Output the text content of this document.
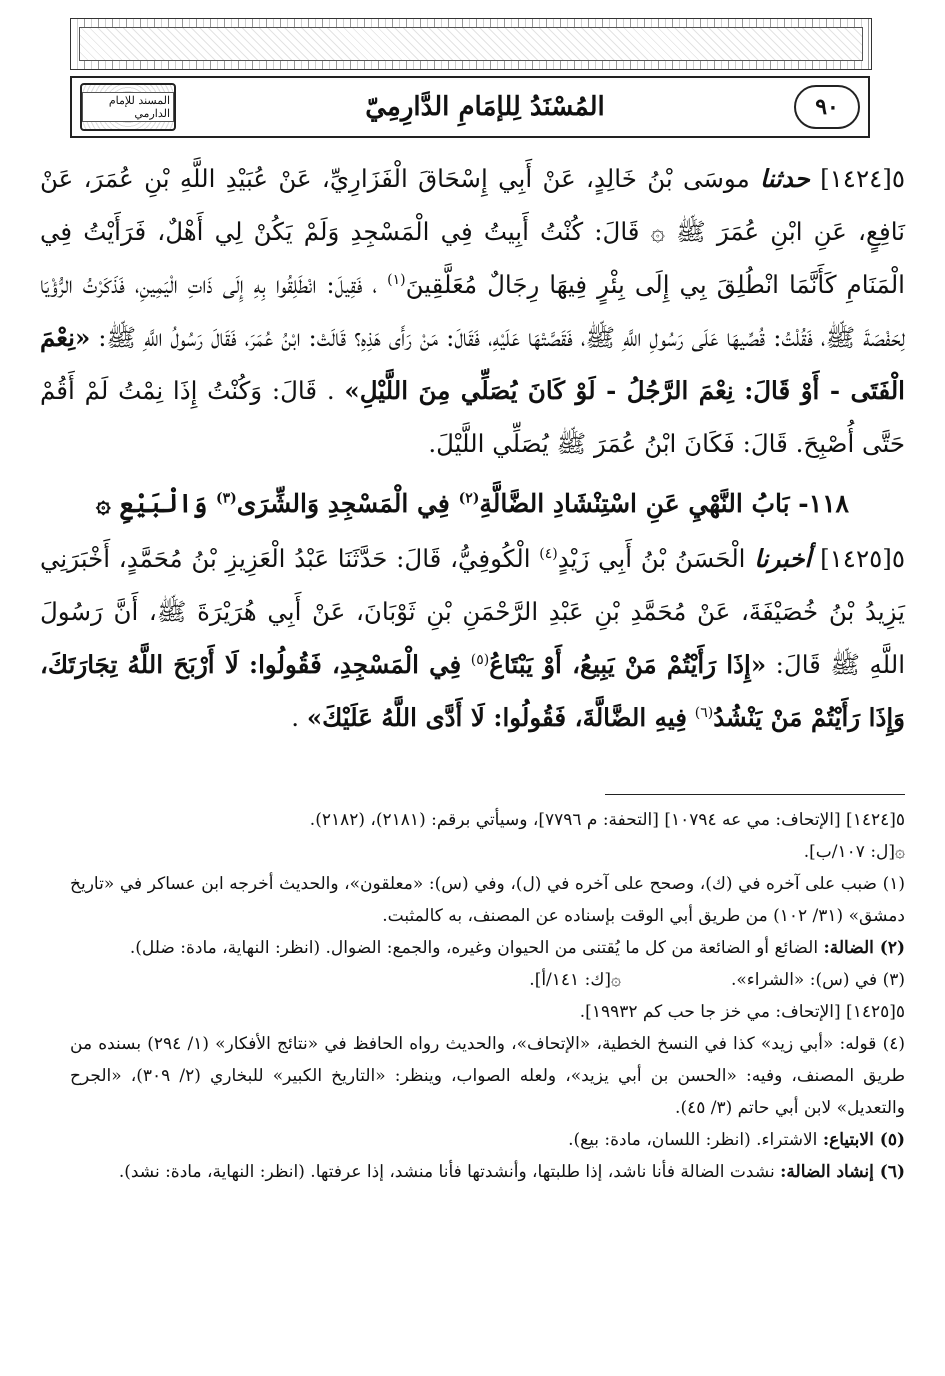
٩٠
المُسْنَدُ لِلإمَامِ الدَّارِمِيّ
المسند للإمام الدارمي

٥[١٤٢٤] حدثنا موسَى بْنُ خَالِدٍ، عَنْ أَبِي إِسْحَاقَ الْفَزَارِيِّ، عَنْ عُبَيْدِ اللَّهِ بْنِ عُمَرَ، عَنْ نَافِعٍ، عَنِ ابْنِ عُمَرَ ﷺ ۞ قَالَ: كُنْتُ أَبِيتُ فِي الْمَسْجِدِ وَلَمْ يَكُنْ لِي أَهْلٌ، فَرَأَيْتُ فِي الْمَنَامِ كَأَنَّمَا انْطُلِقَ بِي إِلَى بِئْرٍ فِيهَا رِجَالٌ مُعَلَّقِينَ$^{(١)}$ ، فَقِيلَ: انْطَلِقُوا بِهِ إِلَى ذَاتِ الْيَمِينِ، فَذَكَرْتُ الرُّؤْيَا لِحَفْصَةَ ﷺ، فَقُلْتُ: قُصِّيهَا عَلَى رَسُولِ اللَّهِ ﷺ، فَقَصَّتْهَا عَلَيْهِ، فَقَالَ: مَنْ رَأَى هَذِهِ؟ قَالَتْ: ابْنُ عُمَرَ، فَقَالَ رَسُولُ اللَّهِ ﷺ: «نِعْمَ الْفَتَى - أَوْ قَالَ: نِعْمَ الرَّجُلُ - لَوْ كَانَ يُصَلِّي مِنَ اللَّيْلِ» . قَالَ: وَكُنْتُ إِذَا نِمْتُ لَمْ أَقُمْ حَتَّى أُصْبِحَ. قَالَ: فَكَانَ ابْنُ عُمَرَ ﷺ يُصَلِّي اللَّيْلَ.

١١٨- بَابُ النَّهْيِ عَنِ اسْتِنْشَادِ الضَّالَّةِ$^{(٢)}$ فِي الْمَسْجِدِ وَالشِّرَى$^{(٣)}$ وَالْبَيْعِ ۞

٥[١٤٢٥] أخبرنا الْحَسَنُ بْنُ أَبِي زَيْدٍ$^{(٤)}$ الْكُوفِيُّ، قَالَ: حَدَّثَنَا عَبْدُ الْعَزِيزِ بْنُ مُحَمَّدٍ، أَخْبَرَنِي يَزِيدُ بْنُ خُصَيْفَةَ، عَنْ مُحَمَّدِ بْنِ عَبْدِ الرَّحْمَنِ بْنِ ثَوْبَانَ، عَنْ أَبِي هُرَيْرَةَ ﷺ، أَنَّ رَسُولَ اللَّهِ ﷺ قَالَ: «إِذَا رَأَيْتُمْ مَنْ يَبِيعُ، أَوْ يَبْتَاعُ$^{(٥)}$ فِي الْمَسْجِدِ، فَقُولُوا: لَا أَرْبَحَ اللَّهُ تِجَارَتَكَ، وَإِذَا رَأَيْتُمْ مَنْ يَنْشُدُ$^{(٦)}$ فِيهِ الضَّالَّةَ، فَقُولُوا: لَا أَدَّى اللَّهُ عَلَيْكَ» .

٥[١٤٢٤] [الإتحاف: مي عه ١٠٧٩٤] [التحفة: م ٧٧٩٦]، وسيأتي برقم: (٢١٨١)، (٢١٨٢).

۞[ل: ١٠٧/ب].

(١) ضبب على آخره في (ك)، وصحح على آخره في (ل)، وفي (س): «معلقون»، والحديث أخرجه ابن عساكر في «تاريخ دمشق» (٣١/ ١٠٢) من طريق أبي الوقت بإسناده عن المصنف، به كالمثبت.

(٢) الضالة: الضائع أو الضائعة من كل ما يُقتنى من الحيوان وغيره، والجمع: الضوال. (انظر: النهاية، مادة: ضلل).

(٣) في (س): «الشراء».
۞[ك: ١٤١/أ].

٥[١٤٢٥] [الإتحاف: مي خز جا حب كم ١٩٩٣٢].

(٤) قوله: «أبي زيد» كذا في النسخ الخطية، «الإتحاف»، والحديث رواه الحافظ في «نتائج الأفكار» (١/ ٢٩٤) بسنده من طريق المصنف، وفيه: «الحسن بن أبي يزيد»، ولعله الصواب، وينظر: «التاريخ الكبير» للبخاري (٢/ ٣٠٩)، «الجرح والتعديل» لابن أبي حاتم (٣/ ٤٥).

(٥) الابتياع: الاشتراء. (انظر: اللسان، مادة: بيع).

(٦) إنشاد الضالة: نشدت الضالة فأنا ناشد، إذا طلبتها، وأنشدتها فأنا منشد، إذا عرفتها. (انظر: النهاية، مادة: نشد).
